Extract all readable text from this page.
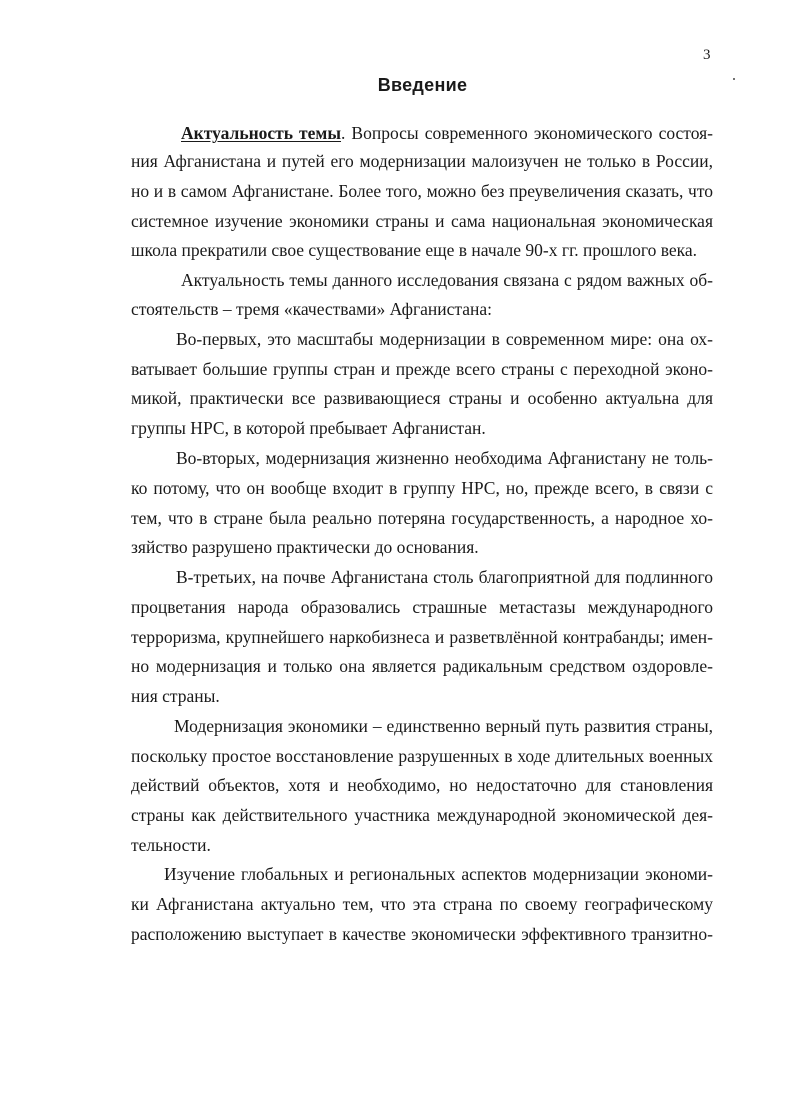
3
Введение
Актуальность темы. Вопросы современного экономического состоя-
ния Афганистана и путей его модернизации малоизучен не только в России,
но и в самом Афганистане. Более того, можно без преувеличения сказать, что
системное изучение экономики страны и сама национальная экономическая
школа прекратили свое существование еще в начале 90-х гг. прошлого века.
Актуальность темы данного исследования связана с рядом важных об-
стоятельств – тремя «качествами» Афганистана:
Во-первых, это масштабы модернизации в современном мире: она ох-
ватывает большие группы стран и прежде всего страны с переходной эконо-
микой, практически все развивающиеся страны и особенно актуальна для
группы НРС, в которой пребывает Афганистан.
Во-вторых, модернизация жизненно необходима Афганистану не толь-
ко потому, что он вообще входит в группу НРС, но, прежде всего, в связи с
тем, что в стране была реально потеряна государственность, а народное хо-
зяйство разрушено практически до основания.
В-третьих, на почве Афганистана столь благоприятной для подлинного
процветания народа образовались страшные метастазы международного
терроризма, крупнейшего наркобизнеса и разветвлённой контрабанды; имен-
но модернизация и только она является радикальным средством оздоровле-
ния страны.
Модернизация экономики – единственно верный путь развития страны,
поскольку простое восстановление разрушенных в ходе длительных военных
действий объектов, хотя и необходимо, но недостаточно для становления
страны как действительного участника международной экономической дея-
тельности.
Изучение глобальных и региональных аспектов модернизации экономи-
ки Афганистана актуально тем, что эта страна по своему географическому
расположению выступает в качестве экономически эффективного транзитно-
